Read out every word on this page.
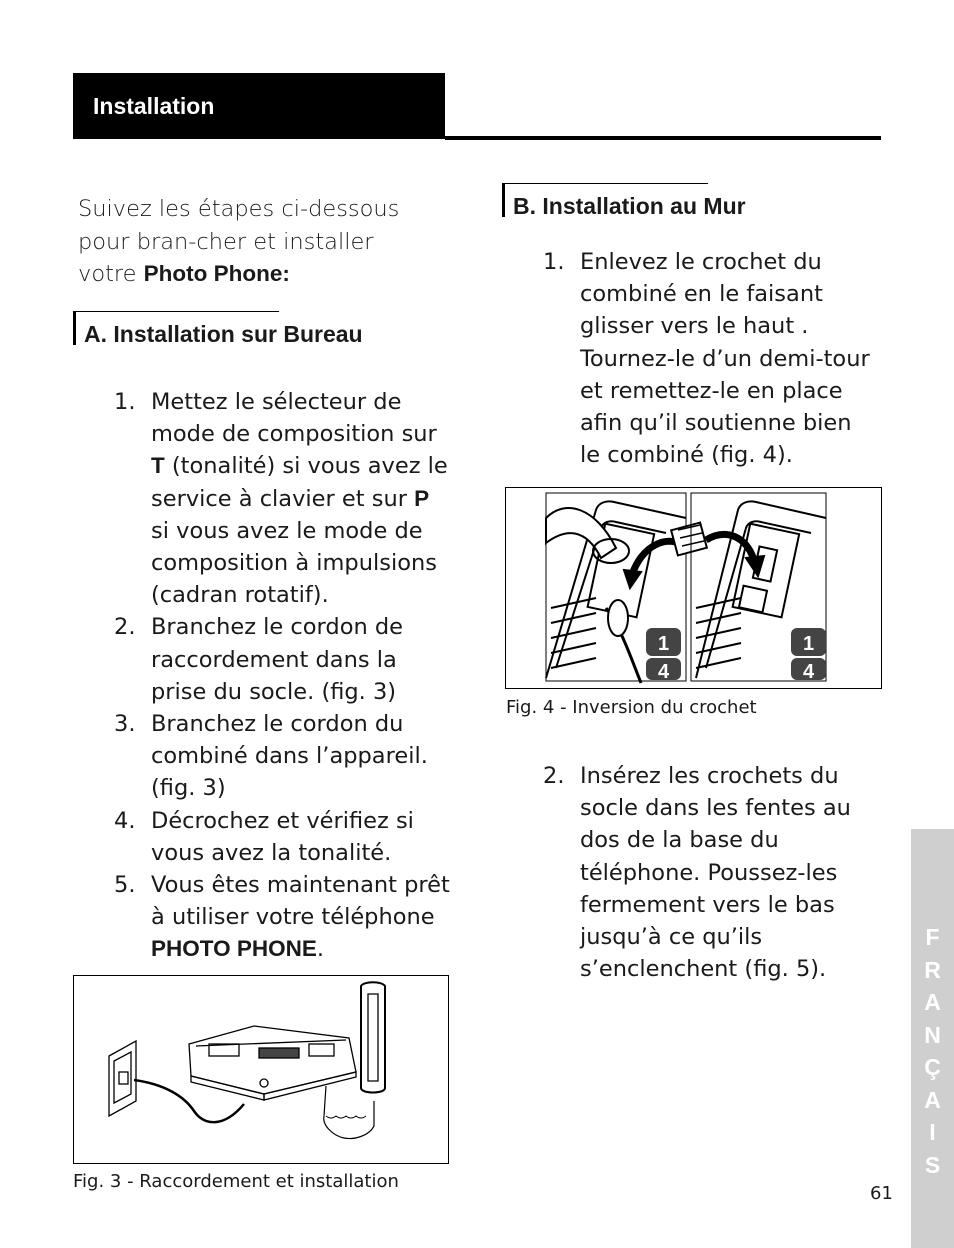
Installation
Suivez les étapes ci-dessous pour bran-cher et installer votre Photo Phone:
A. Installation sur Bureau
1. Mettez le sélecteur de mode de composition sur T (tonalité) si vous avez le service à clavier et sur P si vous avez le mode de composition à impulsions (cadran rotatif).
2. Branchez le cordon de raccordement dans la prise du socle. (fig. 3)
3. Branchez le cordon du combiné dans l’appareil. (fig. 3)
4. Décrochez et vérifiez si vous avez la tonalité.
5. Vous êtes maintenant prêt à utiliser votre téléphone PHOTO PHONE.
Fig. 3 - Raccordement et installation
B. Installation au Mur
1. Enlevez le crochet du combiné en le faisant glisser vers le haut . Tournez-le d’un demi-tour et remettez-le en place afin qu’il soutienne bien le combiné (fig. 4).
1
4
1
4
Fig. 4 - Inversion du crochet
2. Insérez les crochets du socle dans les fentes au dos de la base du téléphone. Poussez-les fermement vers le bas jusqu’à ce qu’ils s’enclenchent (fig. 5).
F
R
A
N
Ç
A
I
S
61
